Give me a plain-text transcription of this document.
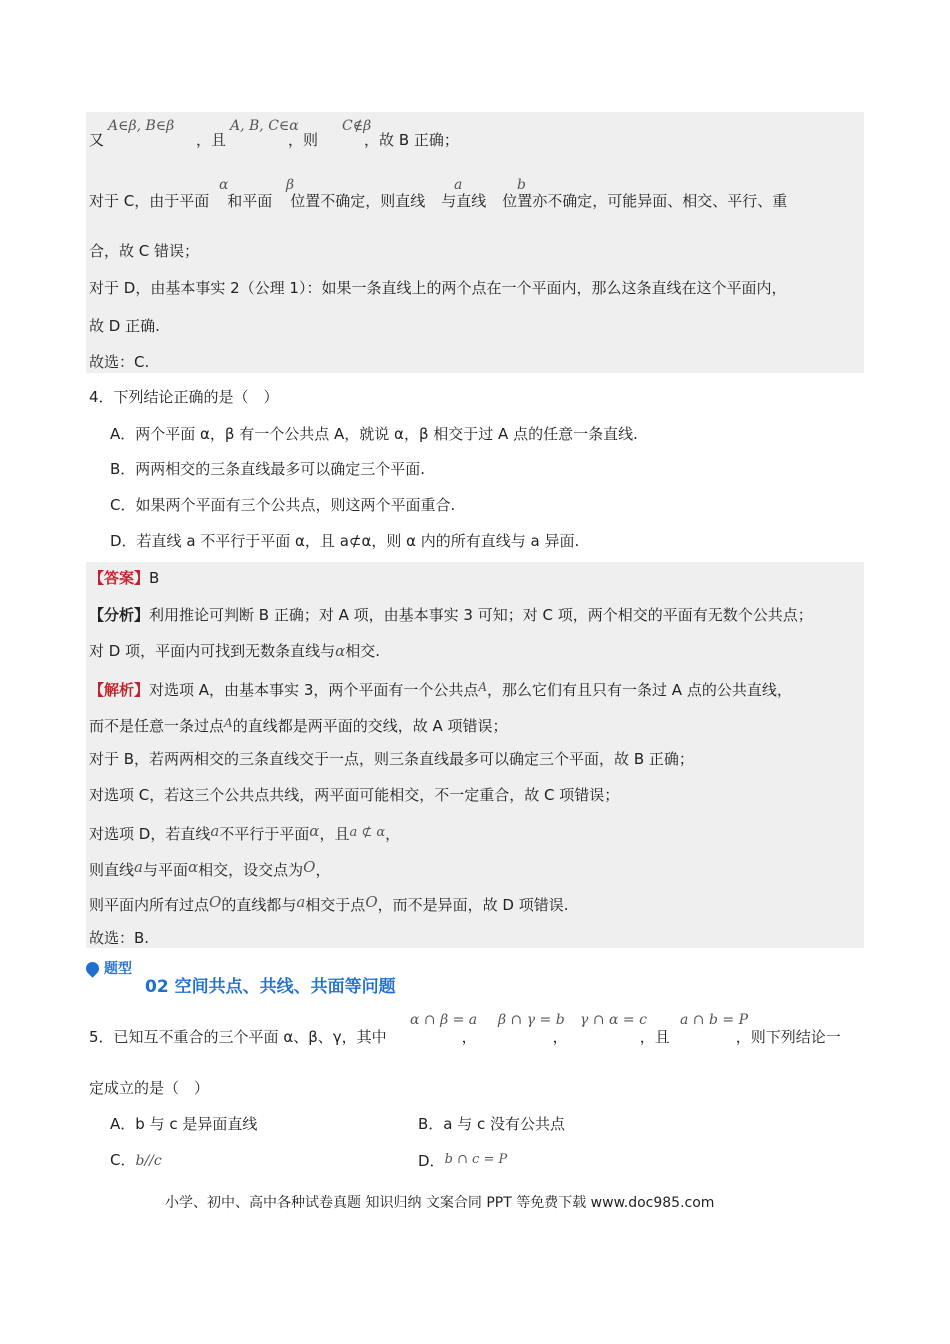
又	，且	，则	，故 B 正确；
A∈β, B∈β	A, B, C∈α	C∉β
对于 C，由于平面 和平面 位置不确定，则直线 与直线 位置亦不确定，可能异面、相交、平行、重
α	β	a	b
合，故 C 错误；
对于 D，由基本事实 2（公理 1）：如果一条直线上的两个点在一个平面内，那么这条直线在这个平面内，
故 D 正确.
故选：C.
4．下列结论正确的是（　）
A．两个平面 α，β 有一个公共点 A，就说 α，β 相交于过 A 点的任意一条直线.
B．两两相交的三条直线最多可以确定三个平面.
C．如果两个平面有三个公共点，则这两个平面重合.
D．若直线 a 不平行于平面 α，且 a⊄α，则 α 内的所有直线与 a 异面.
【答案】B
【分析】利用推论可判断 B 正确；对 A 项，由基本事实 3 可知；对 C 项，两个相交的平面有无数个公共点；
对 D 项，平面内可找到无数条直线与α相交.
【解析】对选项 A，由基本事实 3，两个平面有一个公共点$^A$，那么它们有且只有一条过 A 点的公共直线，
而不是任意一条过点$^A$的直线都是两平面的交线，故 A 项错误；
对于 B，若两两相交的三条直线交于一点，则三条直线最多可以确定三个平面，故 B 正确；
对选项 C，若这三个公共点共线，两平面可能相交，不一定重合，故 C 项错误；
对选项 D，若直线a不平行于平面α，且a ⊄ α，
则直线a与平面α相交，设交点为O，
则平面内所有过点O的直线都与a相交于点O，而不是异面，故 D 项错误.
故选：B.
题型
02 空间共点、共线、共面等问题
5．已知互不重合的三个平面 α、β、γ，其中	，	，	，且	，则下列结论一
α ∩ β = a β ∩ γ = b γ ∩ α = c a ∩ b = P
定成立的是（　）
A．b 与 c 是异面直线	B．a 与 c 没有公共点
C．b//c	D．b ∩ c = P
小学、初中、高中各种试卷真题 知识归纳 文案合同 PPT 等免费下载 www.doc985.com
